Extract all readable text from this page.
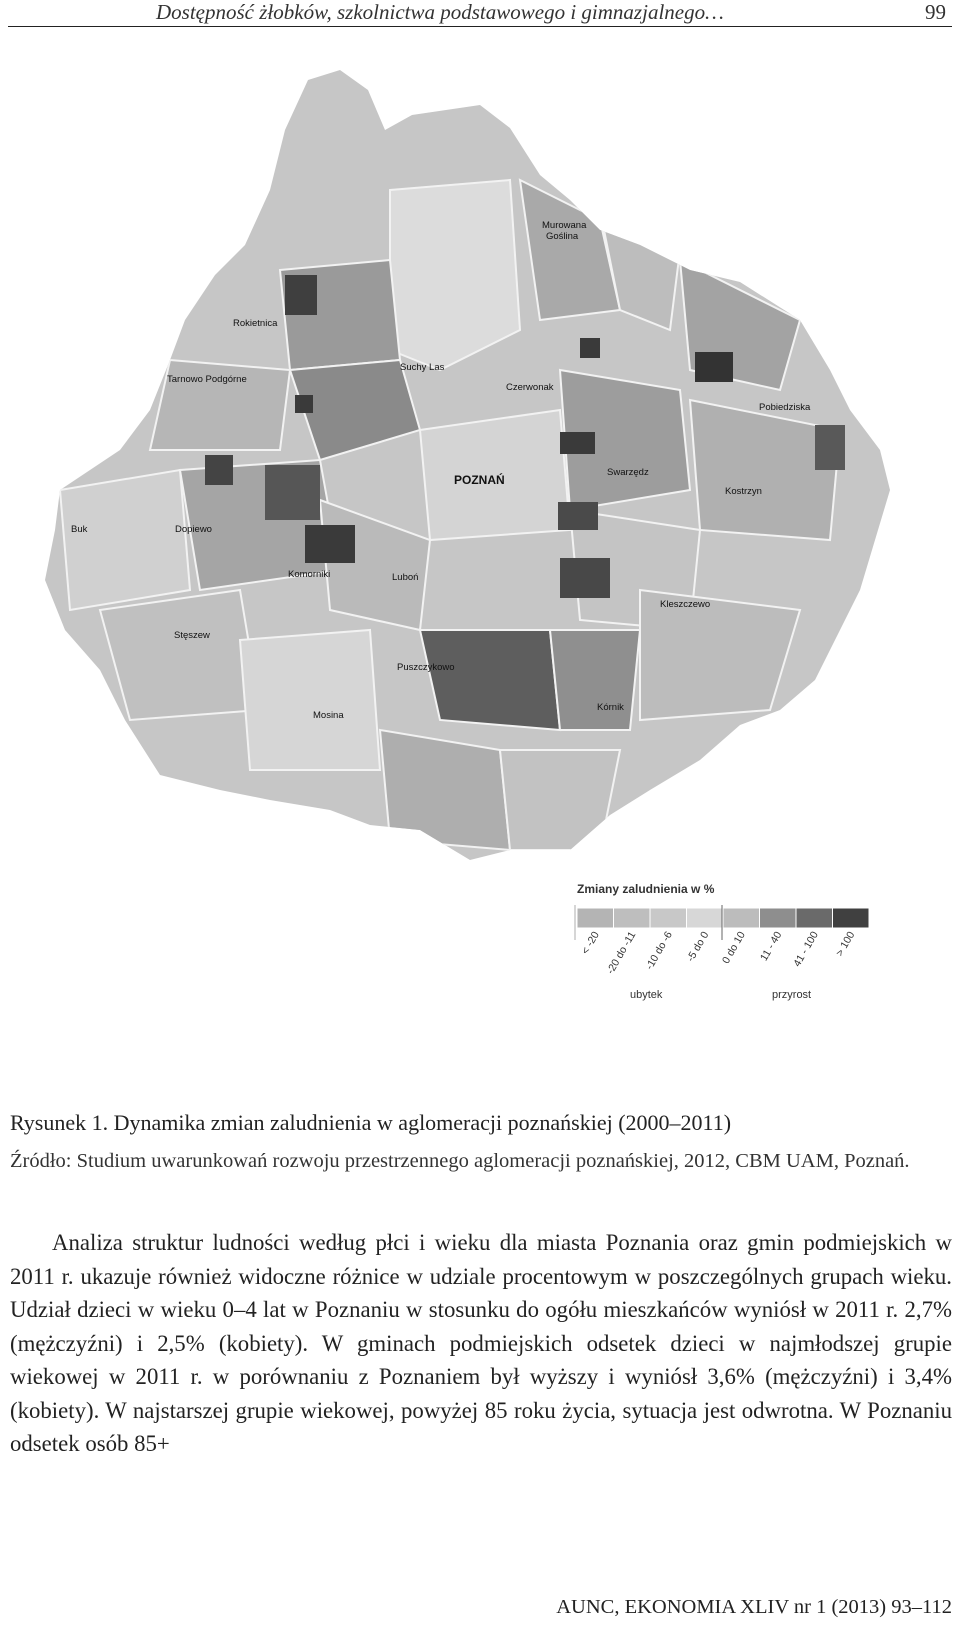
Dostępność żłobków, szkolnictwa podstawowego i gimnazjalnego…	99
Murowana Goślina
Rokietnica
Tarnowo Podgórne
Suchy Las
Czerwonak
Pobiedziska
Swarzędz
POZNAŃ
Kostrzyn
Buk	Dopiewo
Komorniki	Luboń
Kleszczewo
Stęszew
Puszczykowo
Kórnik
Mosina
Zmiany zaludnienia w %
< -20 -20 do -11 -10 do -6 -5 do 0 0 do 10 11 - 40 41 - 100 > 100
ubytek	przyrost
Rysunek 1. Dynamika zmian zaludnienia w aglomeracji poznańskiej (2000–2011)
Źródło: Studium uwarunkowań rozwoju przestrzennego aglomeracji poznańskiej, 2012, CBM UAM, Poznań.

Analiza struktur ludności według płci i wieku dla miasta Poznania oraz gmin podmiejskich w 2011 r. ukazuje również widoczne różnice w udziale procentowym w poszczególnych grupach wieku. Udział dzieci w wieku 0–4 lat w Poznaniu w stosunku do ogółu mieszkańców wyniósł w 2011 r. 2,7% (mężczyźni) i 2,5% (kobiety). W gminach podmiejskich odsetek dzieci w najmłodszej grupie wiekowej w 2011 r. w porównaniu z Poznaniem był wyższy i wyniósł 3,6% (mężczyźni) i 3,4% (kobiety). W najstarszej grupie wiekowej, powyżej 85 roku życia, sytuacja jest odwrotna. W Poznaniu odsetek osób 85+

AUNC, EKONOMIA XLIV nr 1 (2013) 93–112
